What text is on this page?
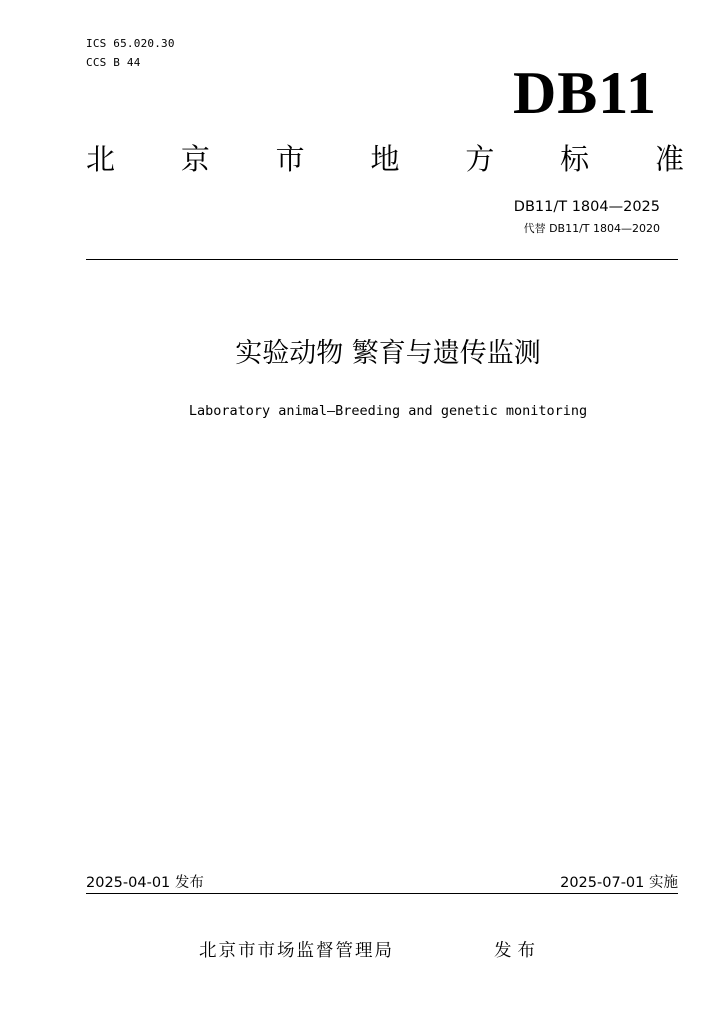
ICS 65.020.30
CCS B 44	DB11
北 京 市 地 方 标 准
DB11/T 1804—2025
代替 DB11/T 1804—2020
实验动物 繁育与遗传监测
Laboratory animal—Breeding and genetic monitoring
2025-04-01 发布	2025-07-01 实施
北京市市场监督管理局	发布
